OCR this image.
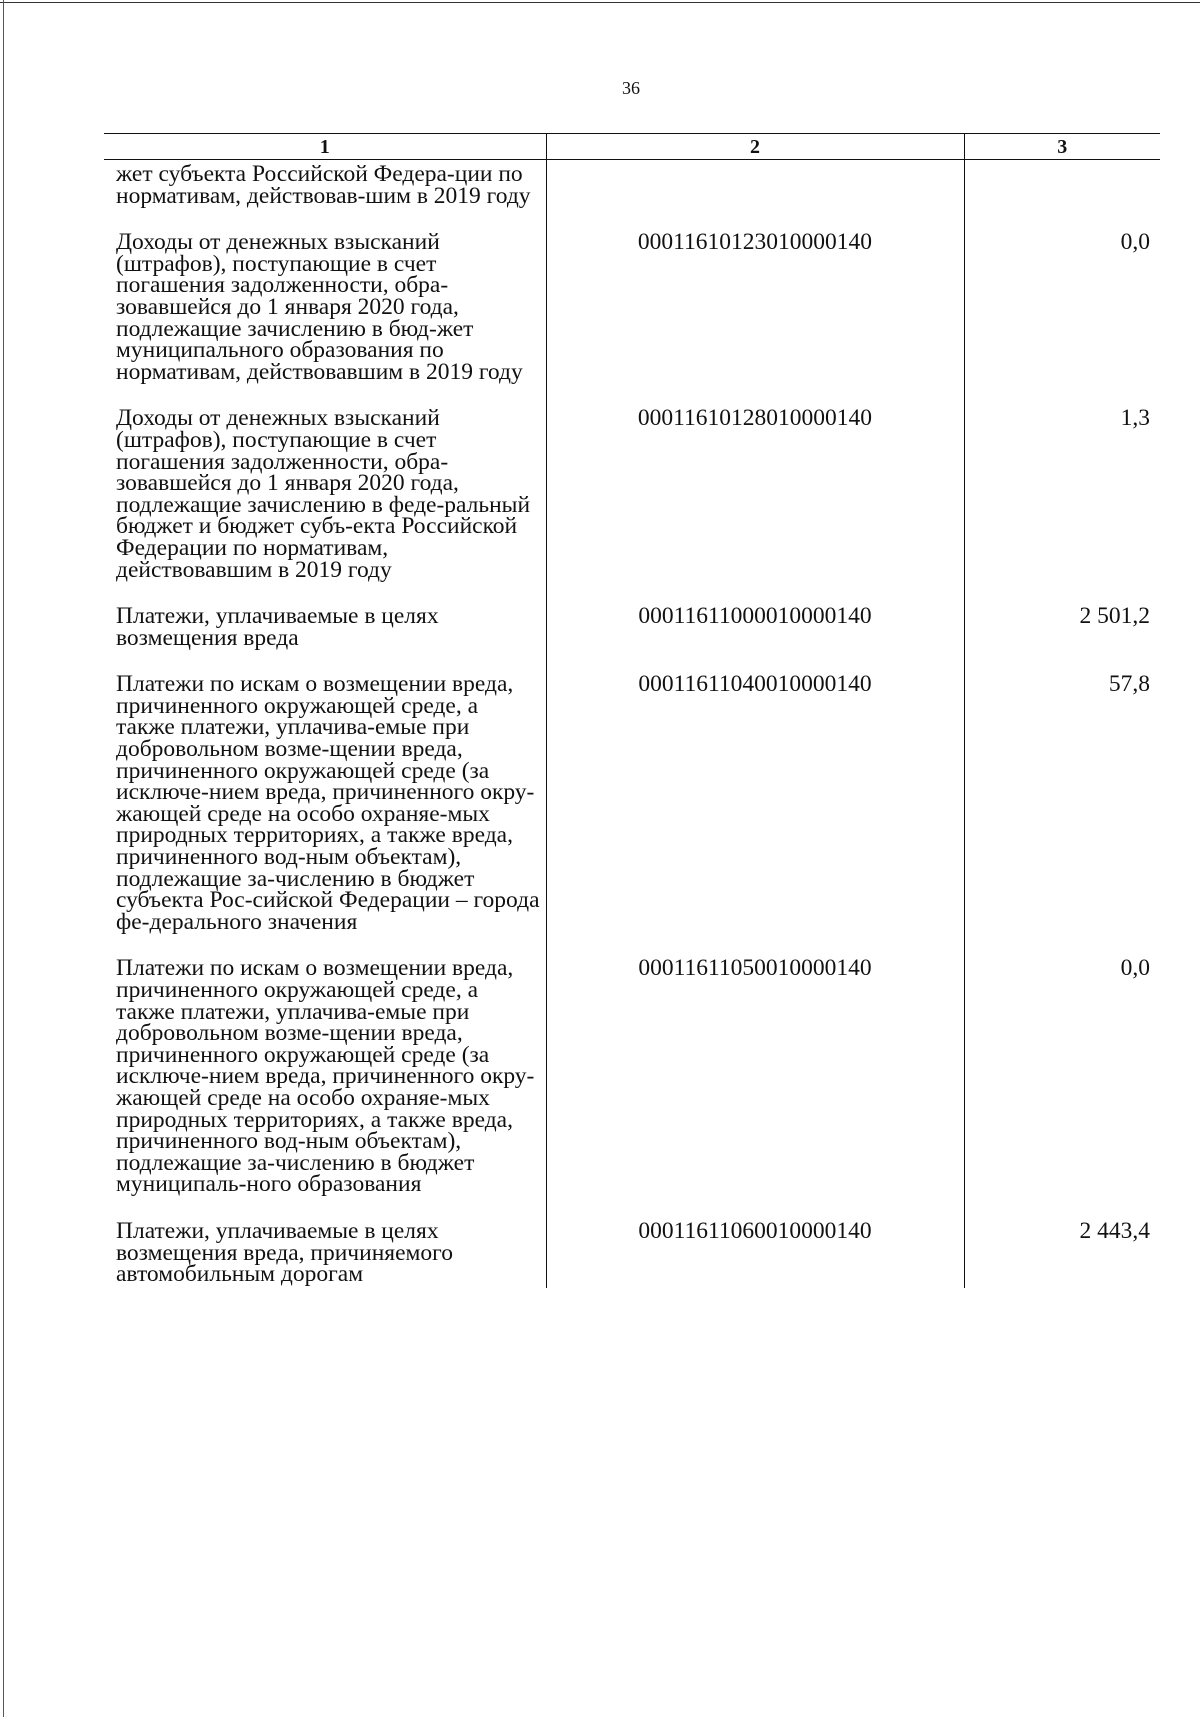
36
1	2	3
жет субъекта Российской Федера-ции по нормативам, действовав-шим в 2019 году		
Доходы от денежных взысканий (штрафов), поступающие в счет погашения задолженности, обра-зовавшейся до 1 января 2020 года, подлежащие зачислению в бюд-жет муниципального образования по нормативам, действовавшим в 2019 году	00011610123010000140	0,0
Доходы от денежных взысканий (штрафов), поступающие в счет погашения задолженности, обра-зовавшейся до 1 января 2020 года, подлежащие зачислению в феде-ральный бюджет и бюджет субъ-екта Российской Федерации по нормативам, действовавшим в 2019 году	00011610128010000140	1,3
Платежи, уплачиваемые в целях возмещения вреда	00011611000010000140	2 501,2
Платежи по искам о возмещении вреда, причиненного окружающей среде, а также платежи, уплачива-емые при добровольном возме-щении вреда, причиненного окружающей среде (за исключе-нием вреда, причиненного окру-жающей среде на особо охраняе-мых природных территориях, а также вреда, причиненного вод-ным объектам), подлежащие за-числению в бюджет субъекта Рос-сийской Федерации – города фе-дерального значения	00011611040010000140	57,8
Платежи по искам о возмещении вреда, причиненного окружающей среде, а также платежи, уплачива-емые при добровольном возме-щении вреда, причиненного окружающей среде (за исключе-нием вреда, причиненного окру-жающей среде на особо охраняе-мых природных территориях, а также вреда, причиненного вод-ным объектам), подлежащие за-числению в бюджет муниципаль-ного образования	00011611050010000140	0,0
Платежи, уплачиваемые в целях возмещения вреда, причиняемого автомобильным дорогам	00011611060010000140	2 443,4
